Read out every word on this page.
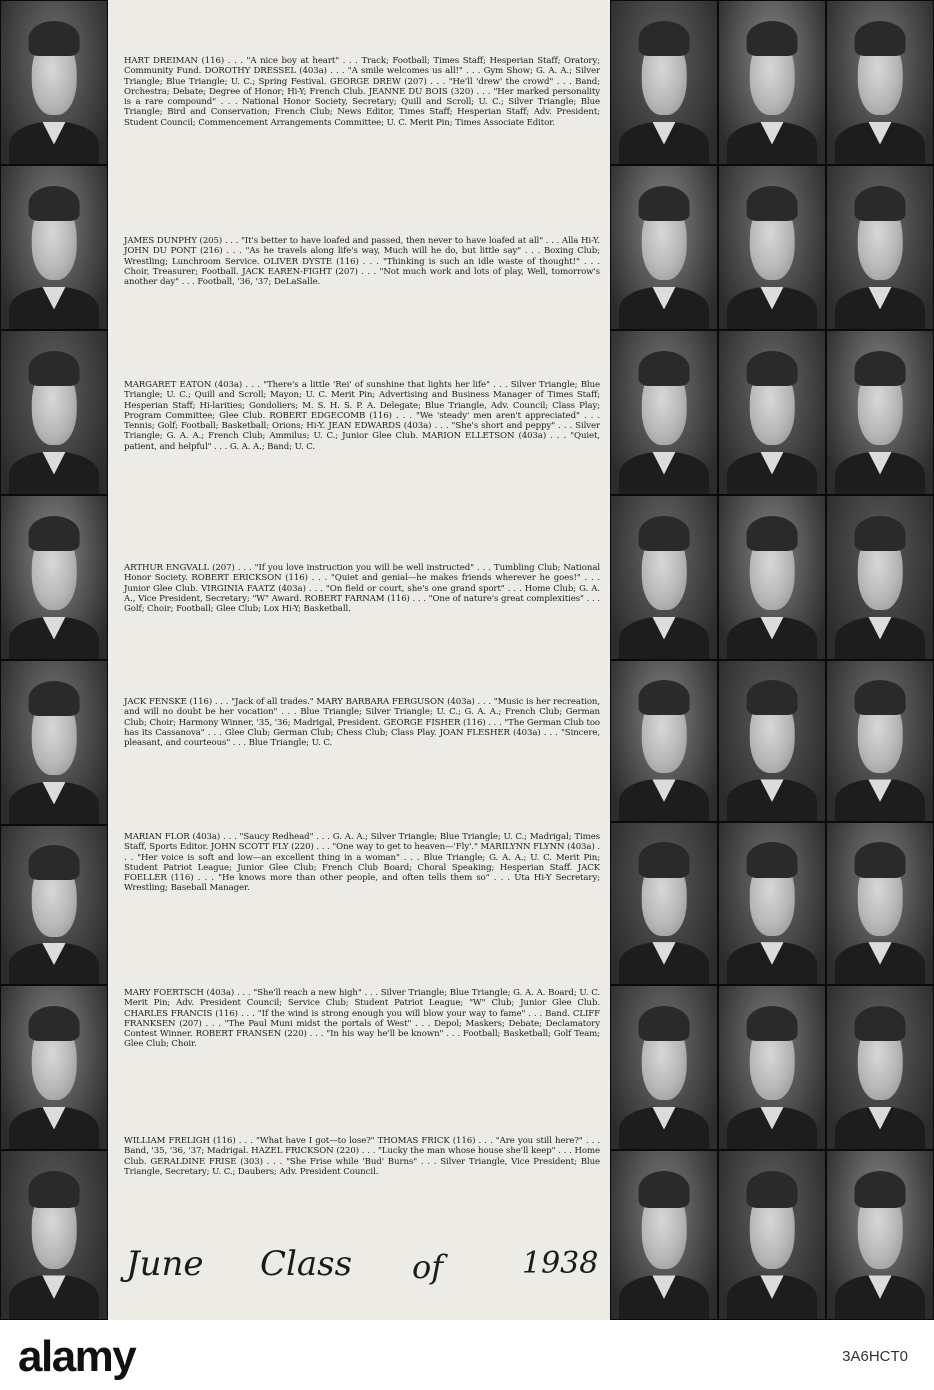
HART DREIMAN (116) . . . "A nice boy at heart" . . . Track; Football; Times Staff; Hesperian Staff; Oratory; Community Fund. DOROTHY DRESSEL (403a) . . . "A smile welcomes us all!" . . . Gym Show; G. A. A.; Silver Triangle; Blue Triangle; U. C.; Spring Festival. GEORGE DREW (207) . . . "He'll 'drew' the crowd" . . . Band; Orchestra; Debate; Degree of Honor; Hi-Y; French Club. JEANNE DU BOIS (320) . . . "Her marked personality is a rare compound" . . . National Honor Society, Secretary; Quill and Scroll; U. C.; Silver Triangle; Blue Triangle; Bird and Conservation; French Club; News Editor, Times Staff; Hesperian Staff; Adv. President; Student Council; Commencement Arrangements Committee; U. C. Merit Pin; Times Associate Editor.

JAMES DUNPHY (205) . . . "It's better to have loafed and passed, then never to have loafed at all" . . . Alla Hi-Y. JOHN DU PONT (216) . . . "As he travels along life's way, Much will he do, but little say" . . . Boxing Club; Wrestling; Lunchroom Service. OLIVER DYSTE (116) . . . "Thinking is such an idle waste of thought!" . . . Choir, Treasurer; Football. JACK EAREN-FIGHT (207) . . . "Not much work and lots of play, Well, tomorrow's another day" . . . Football, '36, '37; DeLaSalle.

MARGARET EATON (403a) . . . "There's a little 'Rei' of sunshine that lights her life" . . . Silver Triangle; Blue Triangle; U. C.; Quill and Scroll; Mayon; U. C. Merit Pin; Advertising and Business Manager of Times Staff; Hesperian Staff; Hi-larities; Gondoliers; M. S. H. S. P. A. Delegate; Blue Triangle, Adv. Council; Class Play; Program Committee; Glee Club. ROBERT EDGECOMB (116) . . . "We 'steady' men aren't appreciated" . . . Tennis; Golf; Football; Basketball; Orions; Hi-Y. JEAN EDWARDS (403a) . . . "She's short and peppy" . . . Silver Triangle; G. A. A.; French Club; Ammilus; U. C.; Junior Glee Club. MARION ELLETSON (403a) . . . "Quiet, patient, and helpful" . . . G. A. A.; Band; U. C.

ARTHUR ENGVALL (207) . . . "If you love instruction you will be well instructed" . . . Tumbling Club; National Honor Society. ROBERT ERICKSON (116) . . . "Quiet and genial—he makes friends wherever he goes!" . . . Junior Glee Club. VIRGINIA FAATZ (403a) . . . "On field or court, she's one grand sport" . . . Home Club; G. A. A., Vice President, Secretary; "W" Award. ROBERT FARNAM (116) . . . "One of nature's great complexities" . . . Golf; Choir; Football; Glee Club; Lox Hi-Y; Basketball.

JACK FENSKE (116) . . . "Jack of all trades." MARY BARBARA FERGUSON (403a) . . . "Music is her recreation, and will no doubt be her vocation" . . . Blue Triangle; Silver Triangle; U. C.; G. A. A.; French Club; German Club; Choir; Harmony Winner, '35, '36; Madrigal, President. GEORGE FISHER (116) . . . "The German Club too has its Cassanova" . . . Glee Club; German Club; Chess Club; Class Play. JOAN FLESHER (403a) . . . "Sincere, pleasant, and courteous" . . . Blue Triangle; U. C.

MARIAN FLOR (403a) . . . "Saucy Redhead" . . . G. A. A.; Silver Triangle; Blue Triangle; U. C.; Madrigal; Times Staff, Sports Editor. JOHN SCOTT FLY (220) . . . "One way to get to heaven—'Fly'." MARILYNN FLYNN (403a) . . . "Her voice is soft and low—an excellent thing in a woman" . . . Blue Triangle; G. A. A.; U. C. Merit Pin; Student Patriot League; Junior Glee Club; French Club Board; Choral Speaking; Hesperian Staff. JACK FOELLER (116) . . . "He knows more than other people, and often tells them so" . . . Uta Hi-Y Secretary; Wrestling; Baseball Manager.

MARY FOERTSCH (403a) . . . "She'll reach a new high" . . . Silver Triangle; Blue Triangle; G. A. A. Board; U. C. Merit Pin; Adv. President Council; Service Club; Student Patriot League; "W" Club; Junior Glee Club. CHARLES FRANCIS (116) . . . "If the wind is strong enough you will blow your way to fame" . . . Band. CLIFF FRANKSEN (207) . . . "The Paul Muni midst the portals of West" . . . Depol; Maskers; Debate; Declamatory Contest Winner. ROBERT FRANSEN (220) . . . "In his way he'll be known" . . . Football; Basketball; Golf Team; Glee Club; Choir.

WILLIAM FRELIGH (116) . . . "What have I got—to lose?" THOMAS FRICK (116) . . . "Are you still here?" . . . Band, '35, '36, '37; Madrigal. HAZEL FRICKSON (220) . . . "Lucky the man whose house she'll keep" . . . Home Club. GERALDINE FRISE (303) . . . "She Frise while 'Bud' Burns" . . . Silver Triangle, Vice President; Blue Triangle, Secretary; U. C.; Daubers; Adv. President Council.

June Class of	1938
alamy	3A6HCT0
